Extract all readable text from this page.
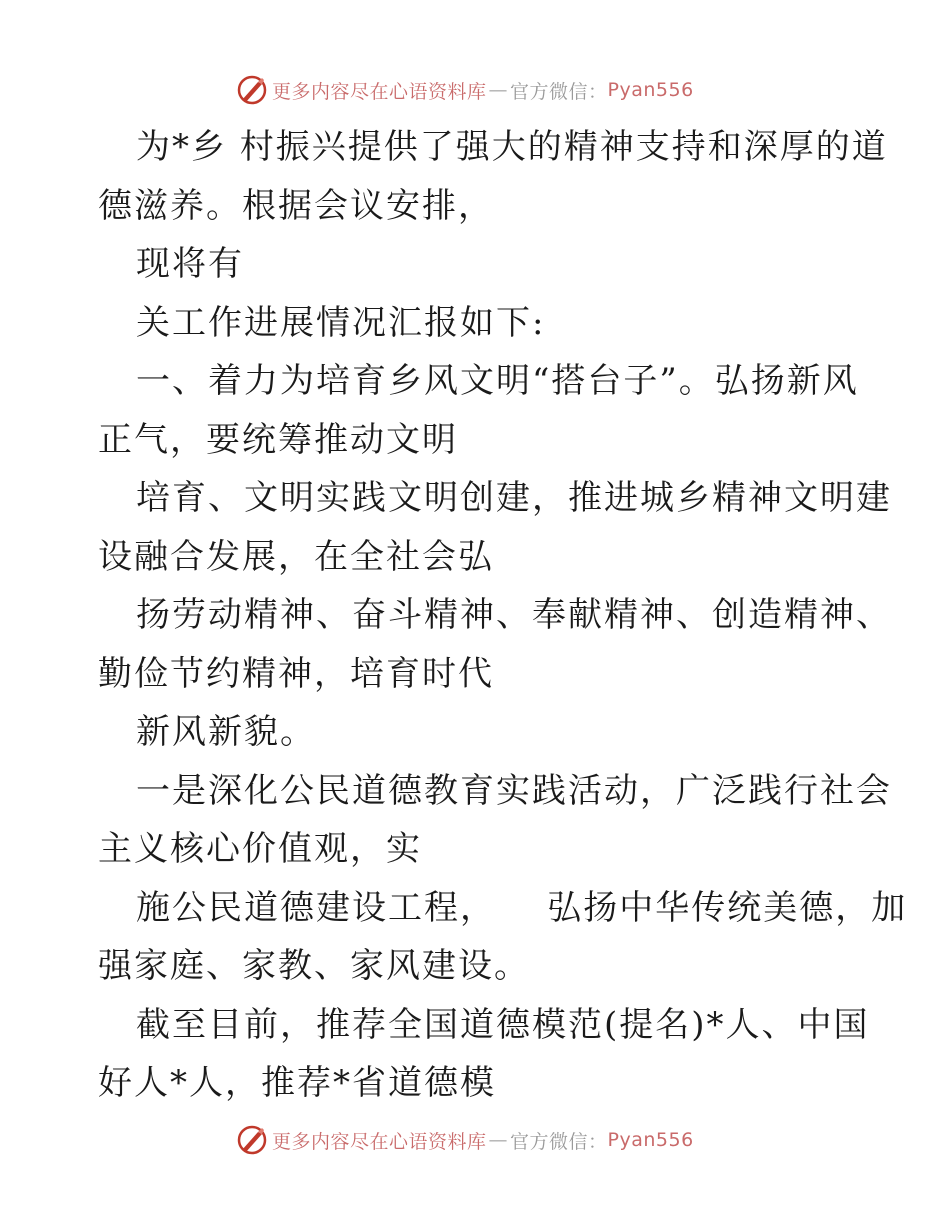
更多内容尽在心语资料库 — 官方微信： Pyan556
为*乡 村振兴提供了强大的精神支持和深厚的道
德滋养。根据会议安排，
现将有
关工作进展情况汇报如下:
一、着力为培育乡风文明“搭台子”。弘扬新风
正气，要统筹推动文明
培育、文明实践文明创建，推进城乡精神文明建
设融合发展，在全社会弘
扬劳动精神、奋斗精神、奉献精神、创造精神、
勤俭节约精神，培育时代
新风新貌。
一是深化公民道德教育实践活动，广泛践行社会
主义核心价值观，实
施公民道德建设工程，    弘扬中华传统美德，加
强家庭、家教、家风建设。
截至目前，推荐全国道德模范(提名)*人、中国
好人*人，推荐*省道德模
更多内容尽在心语资料库 — 官方微信： Pyan556
